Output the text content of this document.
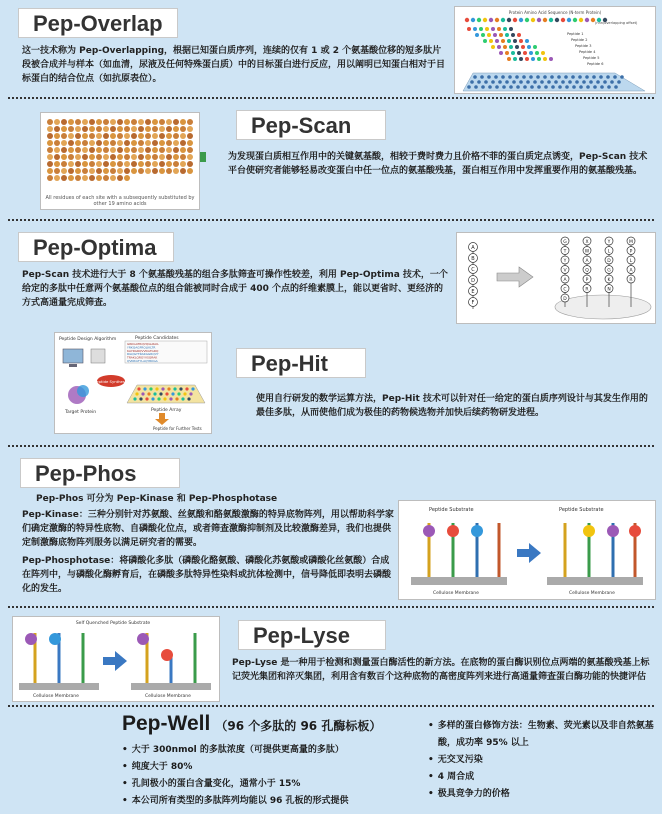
Pep-Overlap
这一技术称为 Pep-Overlapping，根据已知蛋白质序列，连续的仅有 1 或 2 个氨基酸位移的短多肽片段被合成并与样本（如血清，尿液及任何特殊蛋白质）中的目标蛋白进行反应，用以阐明已知蛋白相对于目标蛋白的结合位点（如抗原表位）。
Protein Amino Acid Sequence (N-term Protein)
(nnn/overlapping offset)
Peptide 1
Peptide 2
Peptide 3
Peptide 4
Peptide 5
Peptide 6
All residues of each site with a subsequently substituted by other 19 amino acids
Pep-Scan
为发现蛋白质相互作用中的关键氨基酸，相较于费时费力且价格不菲的蛋白质定点诱变，Pep-Scan 技术平台使研究者能够轻易改变蛋白中任一位点的氨基酸残基，蛋白相互作用中发挥重要作用的氨基酸残基。
Pep-Optima
Pep-Scan 技术进行大于 8 个氨基酸残基的组合多肽筛查可操作性较差，利用 Pep-Optima 技术，一个给定的多肽中任意两个氨基酸位点的组合能被同时合成于 400 个点的纤维素膜上，能以更省时、更经济的方式高通量完成筛查。
A
B
C
D
E
F
G
T
Y
V
A
C
D
X
W
A
Q
P
R
Y
L
D
G
K
N
M
P
L
A
R
Peptide Design Algorithm	Peptide Candidates
GRKGATRQVQGLRAIL
YRKQAGFRQLIKLTR
KAYRGRQVVKGTGRQ
RGQGYTRAKGGRQVY
TRAKLQRGYVSQRAK
QVKRGTYLAQYRKGA
Peptide Synthesis
Target Protein	Peptide Array
Peptide for Further Tests
Pep-Hit
使用自行研发的数学运算方法，Pep-Hit 技术可以针对任一给定的蛋白质序列设计与其发生作用的最佳多肽，从而使他们成为极佳的药物候选物并加快后续药物研发进程。
Pep-Phos
Pep-Phos 可分为 Pep-Kinase 和 Pep-Phosphotase
Pep-Kinase：三种分别针对苏氨酸、丝氨酸和酪氨酸激酶的特异底物阵列，用以帮助科学家们确定激酶的特异性底物、自磷酸化位点，或者筛查激酶抑制剂及比较激酶差异，我们也提供定制激酶底物阵列服务以满足研究者的需要。
Pep-Phosphotase：将磷酸化多肽（磷酸化酪氨酸、磷酸化苏氨酸或磷酸化丝氨酸）合成在阵列中，与磷酸化酶孵育后，在磷酸多肽特异性染料或抗体检测中，信号降低即表明去磷酸化的发生。
Peptide Substrate	Peptide Substrate
Cellulose Membrane	Cellulose Membrane
Self Quenched Peptide Substrate
Cellulose Membrane	Cellulose Membrane
Pep-Lyse
Pep-Lyse 是一种用于检测和测量蛋白酶活性的新方法。在底物的蛋白酶识别位点两端的氨基酸残基上标记荧光集团和淬灭集团，利用含有数百个这种底物的高密度阵列来进行高通量筛查蛋白酶功能的快捷评估
Pep-Well （96 个多肽的 96 孔酶标板）
• 大于 300nmol 的多肽浓度（可提供更高量的多肽）
• 纯度大于 80%
• 孔间极小的蛋白含量变化，通常小于 15%
• 本公司所有类型的多肽阵列均能以 96 孔板的形式提供
• 多样的蛋白修饰方法：生物素、荧光素以及非自然氨基酸，成功率 95% 以上
• 无交叉污染
• 4 周合成
• 极具竞争力的价格
